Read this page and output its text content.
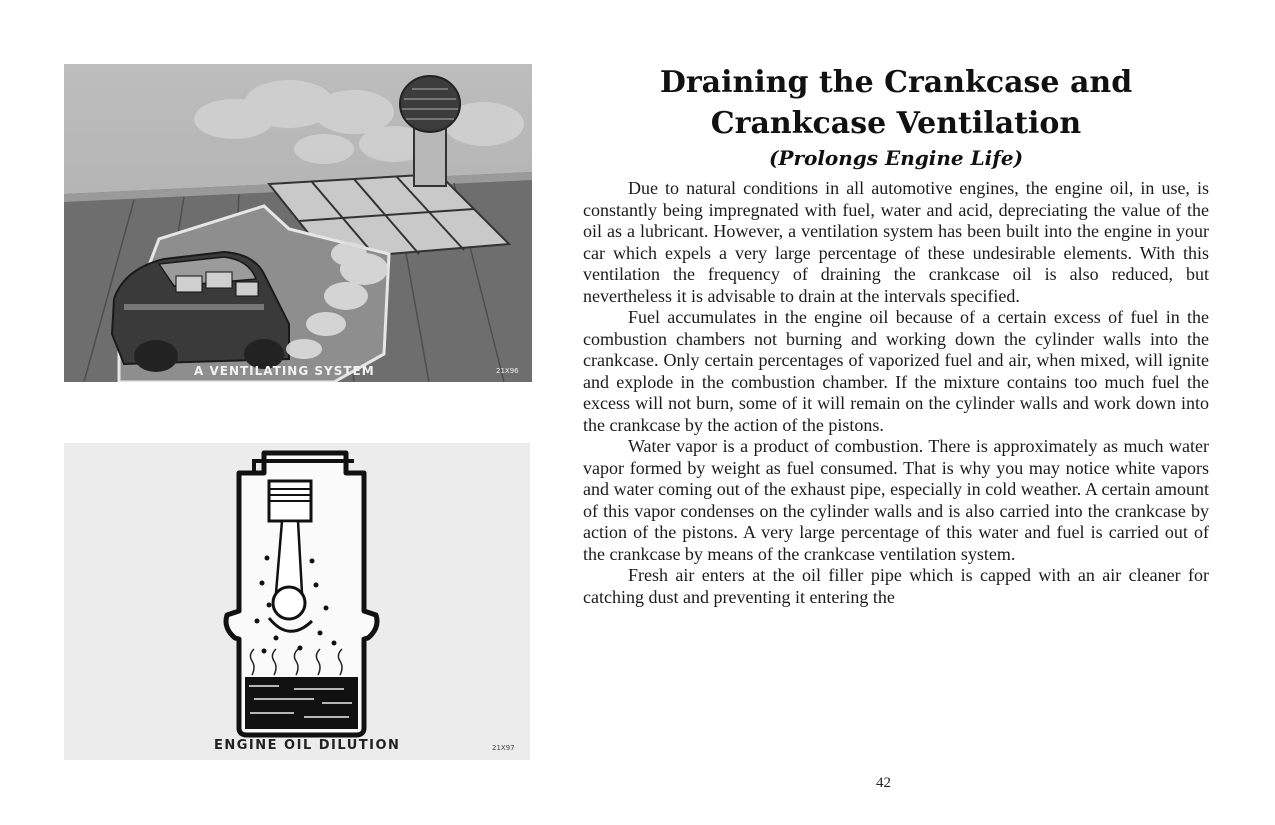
A VENTILATING SYSTEM	21X96
ENGINE OIL DILUTION	21X97
Draining the Crankcase and
Crankcase Ventilation
(Prolongs Engine Life)

Due to natural conditions in all automotive engines, the engine oil, in use, is constantly being impregnated with fuel, water and acid, depreciating the value of the oil as a lubricant. However, a ventilation system has been built into the engine in your car which expels a very large percentage of these undesirable elements. With this ventilation the frequency of draining the crankcase oil is also reduced, but nevertheless it is advisable to drain at the intervals specified.

Fuel accumulates in the engine oil because of a certain excess of fuel in the combustion chambers not burning and working down the cylinder walls into the crankcase. Only certain percentages of vaporized fuel and air, when mixed, will ignite and explode in the combustion chamber. If the mixture contains too much fuel the excess will not burn, some of it will remain on the cylinder walls and work down into the crankcase by the action of the pistons.

Water vapor is a product of combustion. There is approximately as much water vapor formed by weight as fuel consumed. That is why you may notice white vapors and water coming out of the exhaust pipe, especially in cold weather. A certain amount of this vapor condenses on the cylinder walls and is also carried into the crankcase by action of the pistons. A very large percentage of this water and fuel is carried out of the crankcase by means of the crankcase ventilation system.

Fresh air enters at the oil filler pipe which is capped with an air cleaner for catching dust and preventing it entering the

42
